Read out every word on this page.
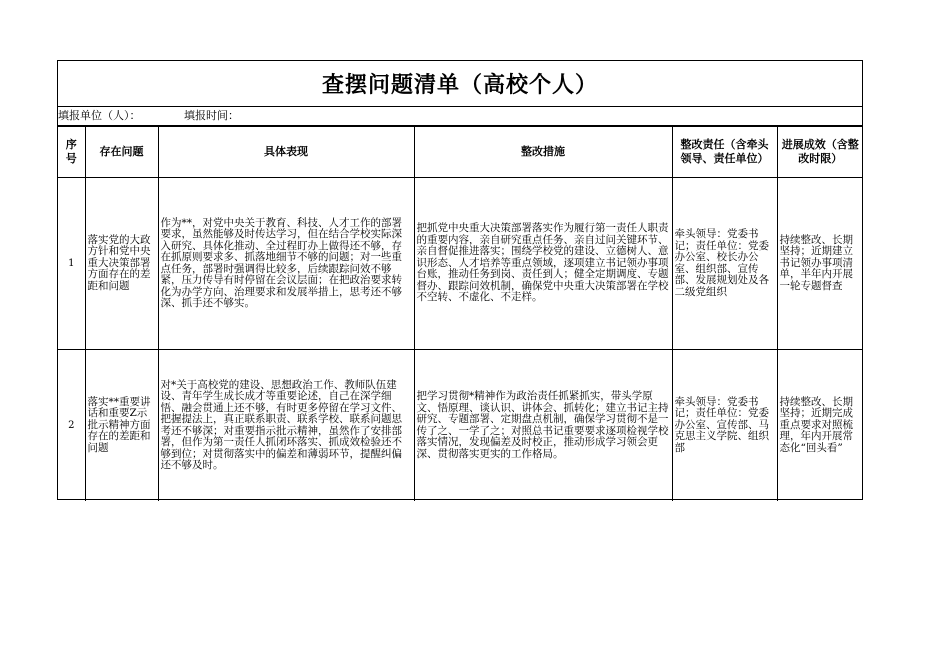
查摆问题清单（高校个人）
填报单位（人）：	填报时间：
序号	存在问题	具体表现	整改措施	整改责任（含牵头领导、责任单位）	进展成效（含整改时限）
1	落实党的大政方针和党中央重大决策部署方面存在的差距和问题	作为**，对党中央关于教育、科技、人才工作的部署要求，虽然能够及时传达学习，但在结合学校实际深入研究、具体化推动、全过程盯办上做得还不够，存在抓原则要求多、抓落地细节不够的问题；对一些重点任务，部署时强调得比较多，后续跟踪问效不够紧，压力传导有时停留在会议层面；在把政治要求转化为办学方向、治理要求和发展举措上，思考还不够深、抓手还不够实。	把抓党中央重大决策部署落实作为履行第一责任人职责的重要内容，亲自研究重点任务、亲自过问关键环节、亲自督促推进落实；围绕学校党的建设、立德树人、意识形态、人才培养等重点领域，逐项建立书记领办事项台账，推动任务到岗、责任到人；健全定期调度、专题督办、跟踪问效机制，确保党中央重大决策部署在学校不空转、不虚化、不走样。	牵头领导：党委书记；责任单位：党委办公室、校长办公室、组织部、宣传部、发展规划处及各二级党组织	持续整改、长期坚持；近期建立书记领办事项清单，半年内开展一轮专题督查
2	落实**重要讲话和重要Z示批示精神方面存在的差距和问题	对*关于高校党的建设、思想政治工作、教师队伍建设、青年学生成长成才等重要论述，自己在深学细悟、融会贯通上还不够，有时更多停留在学习文件、把握提法上，真正联系职责、联系学校、联系问题思考还不够深；对重要指示批示精神，虽然作了安排部署，但作为第一责任人抓闭环落实、抓成效检验还不够到位；对贯彻落实中的偏差和薄弱环节，提醒纠偏还不够及时。	把学习贯彻*精神作为政治责任抓紧抓实，带头学原文、悟原理、谈认识、讲体会、抓转化；建立书记主持研究、专题部署、定期盘点机制，确保学习贯彻不是一传了之、一学了之；对照总书记重要要求逐项检视学校落实情况，发现偏差及时校正，推动形成学习领会更深、贯彻落实更实的工作格局。	牵头领导：党委书记；责任单位：党委办公室、宣传部、马克思主义学院、组织部	持续整改、长期坚持；近期完成重点要求对照梳理，年内开展常态化“回头看”
